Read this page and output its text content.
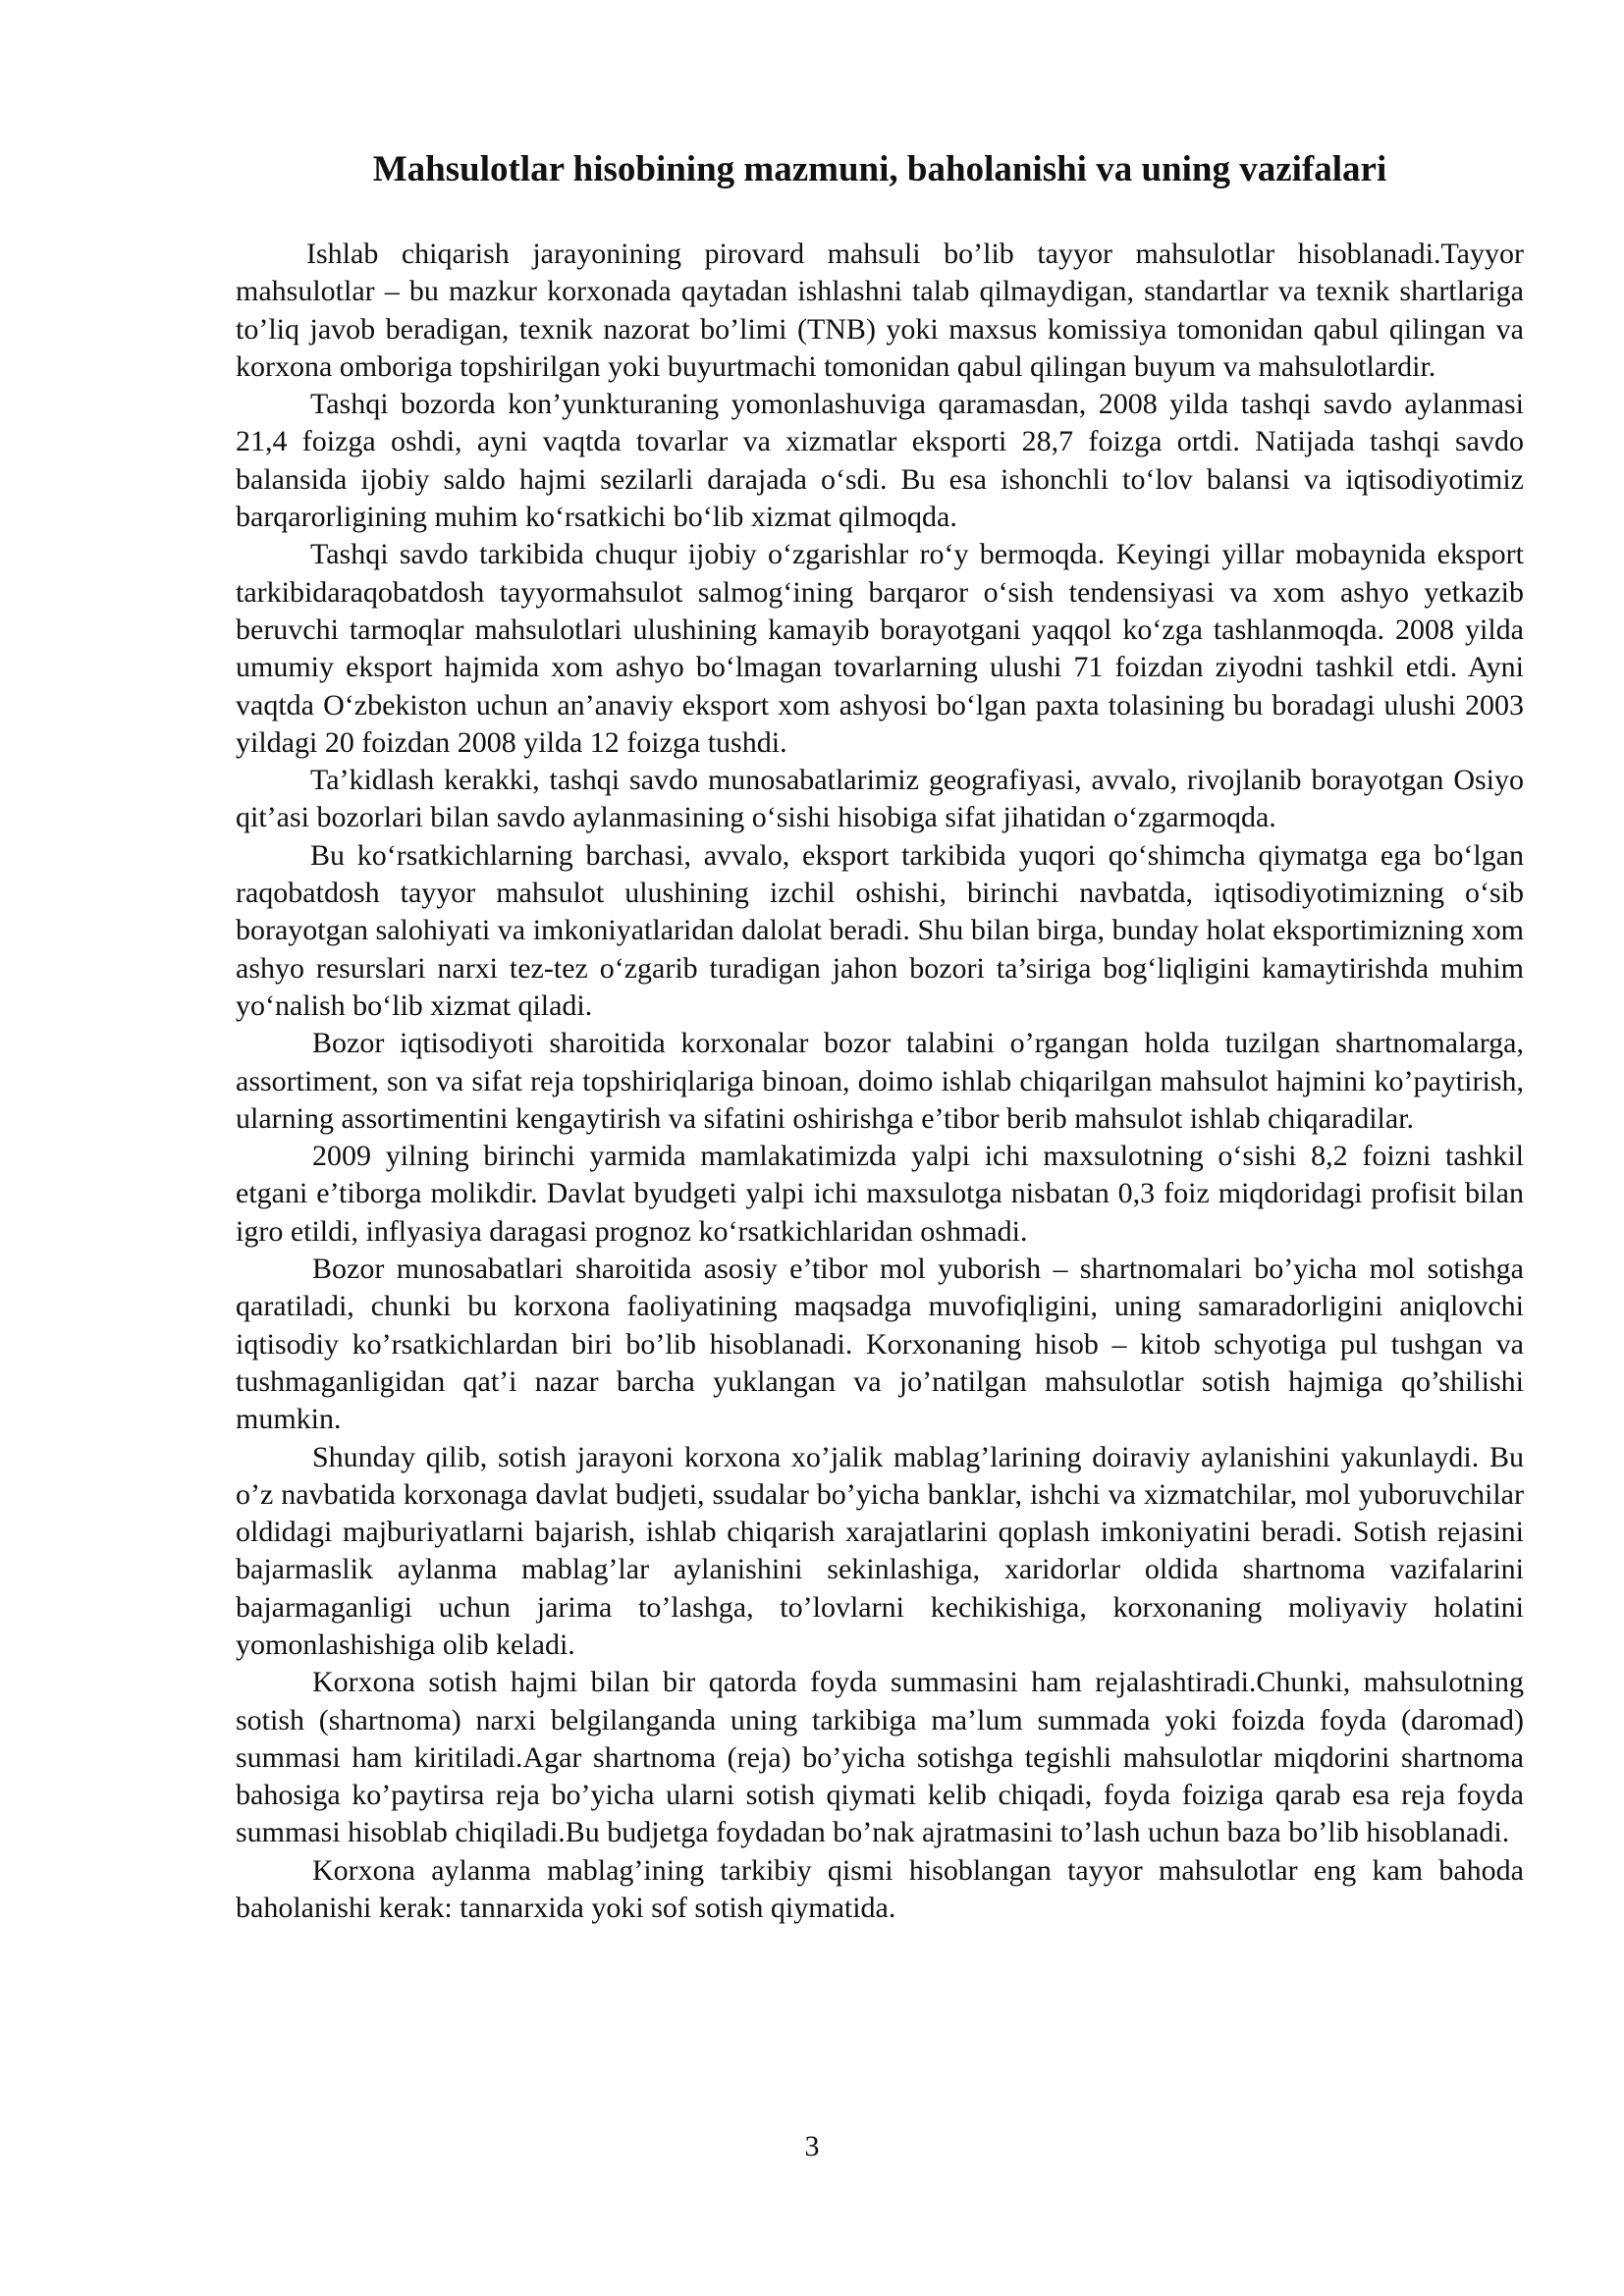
Mahsulotlar hisobining mazmuni, baholanishi va uning vazifalari

Ishlab chiqarish jarayonining pirovard mahsuli bo’lib tayyor mahsulotlar hisoblanadi.Tayyor mahsulotlar – bu mazkur korxonada qaytadan ishlashni talab qilmaydigan, standartlar va texnik shartlariga to’liq javob beradigan, texnik nazorat bo’limi (TNB) yoki maxsus komissiya tomonidan qabul qilingan va korxona omboriga topshirilgan yoki buyurtmachi tomonidan qabul qilingan buyum va mahsulotlardir.

Tashqi bozorda kon’yunkturaning yomonlashuviga qaramasdan, 2008 yilda tashqi savdo aylanmasi 21,4 foizga oshdi, ayni vaqtda tovarlar va xizmatlar eksporti 28,7 foizga ortdi. Natijada tashqi savdo balansida ijobiy saldo hajmi sezilarli darajada o‘sdi. Bu esa ishonchli to‘lov balansi va iqtisodiyotimiz barqarorligining muhim ko‘rsatkichi bo‘lib xizmat qilmoqda.

Tashqi savdo tarkibida chuqur ijobiy o‘zgarishlar ro‘y bermoqda. Keyingi yillar mobaynida eksport tarkibidaraqobatdosh tayyormahsulot salmog‘ining barqaror o‘sish tendensiyasi va xom ashyo yetkazib beruvchi tarmoqlar mahsulotlari ulushining kamayib borayotgani yaqqol ko‘zga tashlanmoqda. 2008 yilda umumiy eksport hajmida xom ashyo bo‘lmagan tovarlarning ulushi 71 foizdan ziyodni tashkil etdi. Ayni vaqtda O‘zbekiston uchun an’anaviy eksport xom ashyosi bo‘lgan paxta tolasining bu boradagi ulushi 2003 yildagi 20 foizdan 2008 yilda 12 foizga tushdi.

Ta’kidlash kerakki, tashqi savdo munosabatlarimiz geografiyasi, avvalo, rivojlanib borayotgan Osiyo qit’asi bozorlari bilan savdo aylanmasining o‘sishi hisobiga sifat jihatidan o‘zgarmoqda.

Bu ko‘rsatkichlarning barchasi, avvalo, eksport tarkibida yuqori qo‘shimcha qiymatga ega bo‘lgan raqobatdosh tayyor mahsulot ulushining izchil oshishi, birinchi navbatda, iqtisodiyotimizning o‘sib borayotgan salohiyati va imkoniyatlaridan dalolat beradi. Shu bilan birga, bunday holat eksportimizning xom ashyo resurslari narxi tez-tez o‘zgarib turadigan jahon bozori ta’siriga bog‘liqligini kamaytirishda muhim yo‘nalish bo‘lib xizmat qiladi.

Bozor iqtisodiyoti sharoitida korxonalar bozor talabini o’rgangan holda tuzilgan shartnomalarga, assortiment, son va sifat reja topshiriqlariga binoan, doimo ishlab chiqarilgan mahsulot hajmini ko’paytirish, ularning assortimentini kengaytirish va sifatini oshirishga e’tibor berib mahsulot ishlab chiqaradilar.

2009 yilning birinchi yarmida mamlakatimizda yalpi ichi maxsulotning o‘sishi 8,2 foizni tashkil etgani e’tiborga molikdir. Davlat byudgeti yalpi ichi maxsulotga nisbatan 0,3 foiz miqdoridagi profisit bilan igro etildi, inflyasiya daragasi prognoz ko‘rsatkichlaridan oshmadi.

Bozor munosabatlari sharoitida asosiy e’tibor mol yuborish – shartnomalari bo’yicha mol sotishga qaratiladi, chunki bu korxona faoliyatining maqsadga muvofiqligini, uning samaradorligini aniqlovchi iqtisodiy ko’rsatkichlardan biri bo’lib hisoblanadi. Korxonaning hisob – kitob schyotiga pul tushgan va tushmaganligidan qat’i nazar barcha yuklangan va jo’natilgan mahsulotlar sotish hajmiga qo’shilishi mumkin.

Shunday qilib, sotish jarayoni korxona xo’jalik mablag’larining doiraviy aylanishini yakunlaydi. Bu o’z navbatida korxonaga davlat budjeti, ssudalar bo’yicha banklar, ishchi va xizmatchilar, mol yuboruvchilar oldidagi majburiyatlarni bajarish, ishlab chiqarish xarajatlarini qoplash imkoniyatini beradi. Sotish rejasini bajarmaslik aylanma mablag’lar aylanishini sekinlashiga, xaridorlar oldida shartnoma vazifalarini bajarmaganligi uchun jarima to’lashga, to’lovlarni kechikishiga, korxonaning moliyaviy holatini yomonlashishiga olib keladi.

Korxona sotish hajmi bilan bir qatorda foyda summasini ham rejalashtiradi.Chunki, mahsulotning sotish (shartnoma) narxi belgilanganda uning tarkibiga ma’lum summada yoki foizda foyda (daromad) summasi ham kiritiladi.Agar shartnoma (reja) bo’yicha sotishga tegishli mahsulotlar miqdorini shartnoma bahosiga ko’paytirsa reja bo’yicha ularni sotish qiymati kelib chiqadi, foyda foiziga qarab esa reja foyda summasi hisoblab chiqiladi.Bu budjetga foydadan bo’nak ajratmasini to’lash uchun baza bo’lib hisoblanadi.

Korxona aylanma mablag’ining tarkibiy qismi hisoblangan tayyor mahsulotlar eng kam bahoda baholanishi kerak: tannarxida yoki sof sotish qiymatida.

3
